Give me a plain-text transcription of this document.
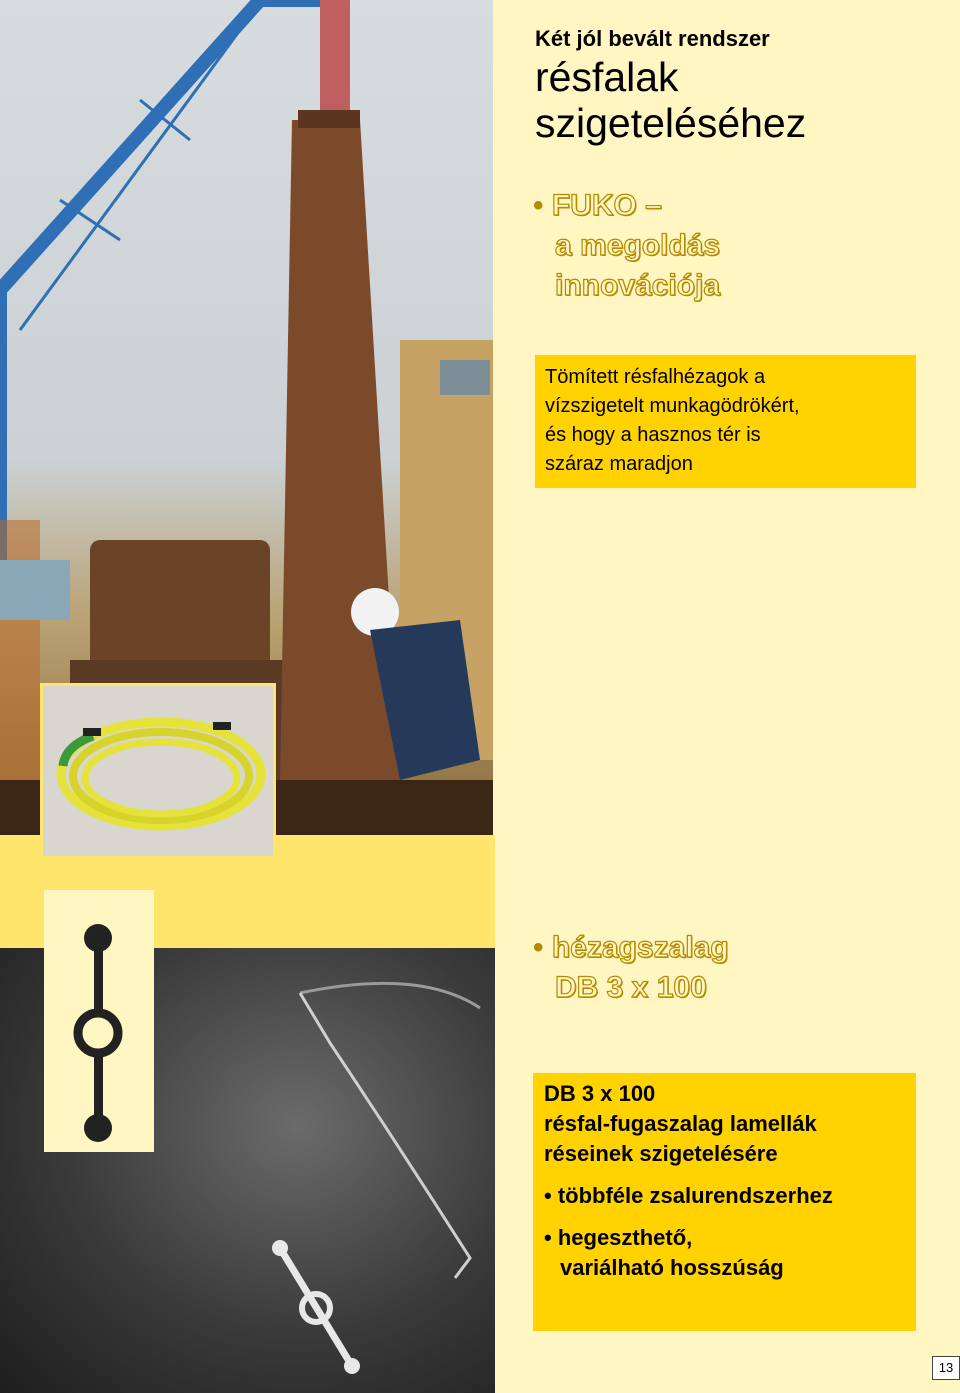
Két jól bevált rendszer
résfalak
szigeteléséhez
• FUKO –
a megoldás
innovációja
Tömített résfalhézagok a
vízszigetelt munkagödrökért,
és hogy a hasznos tér is
száraz maradjon
• hézagszalag
DB 3 x 100
DB 3 x 100
résfal-fugaszalag lamellák
réseinek szigetelésére
• többféle zsalurendszerhez
• hegeszthető,
variálható hosszúság
13
